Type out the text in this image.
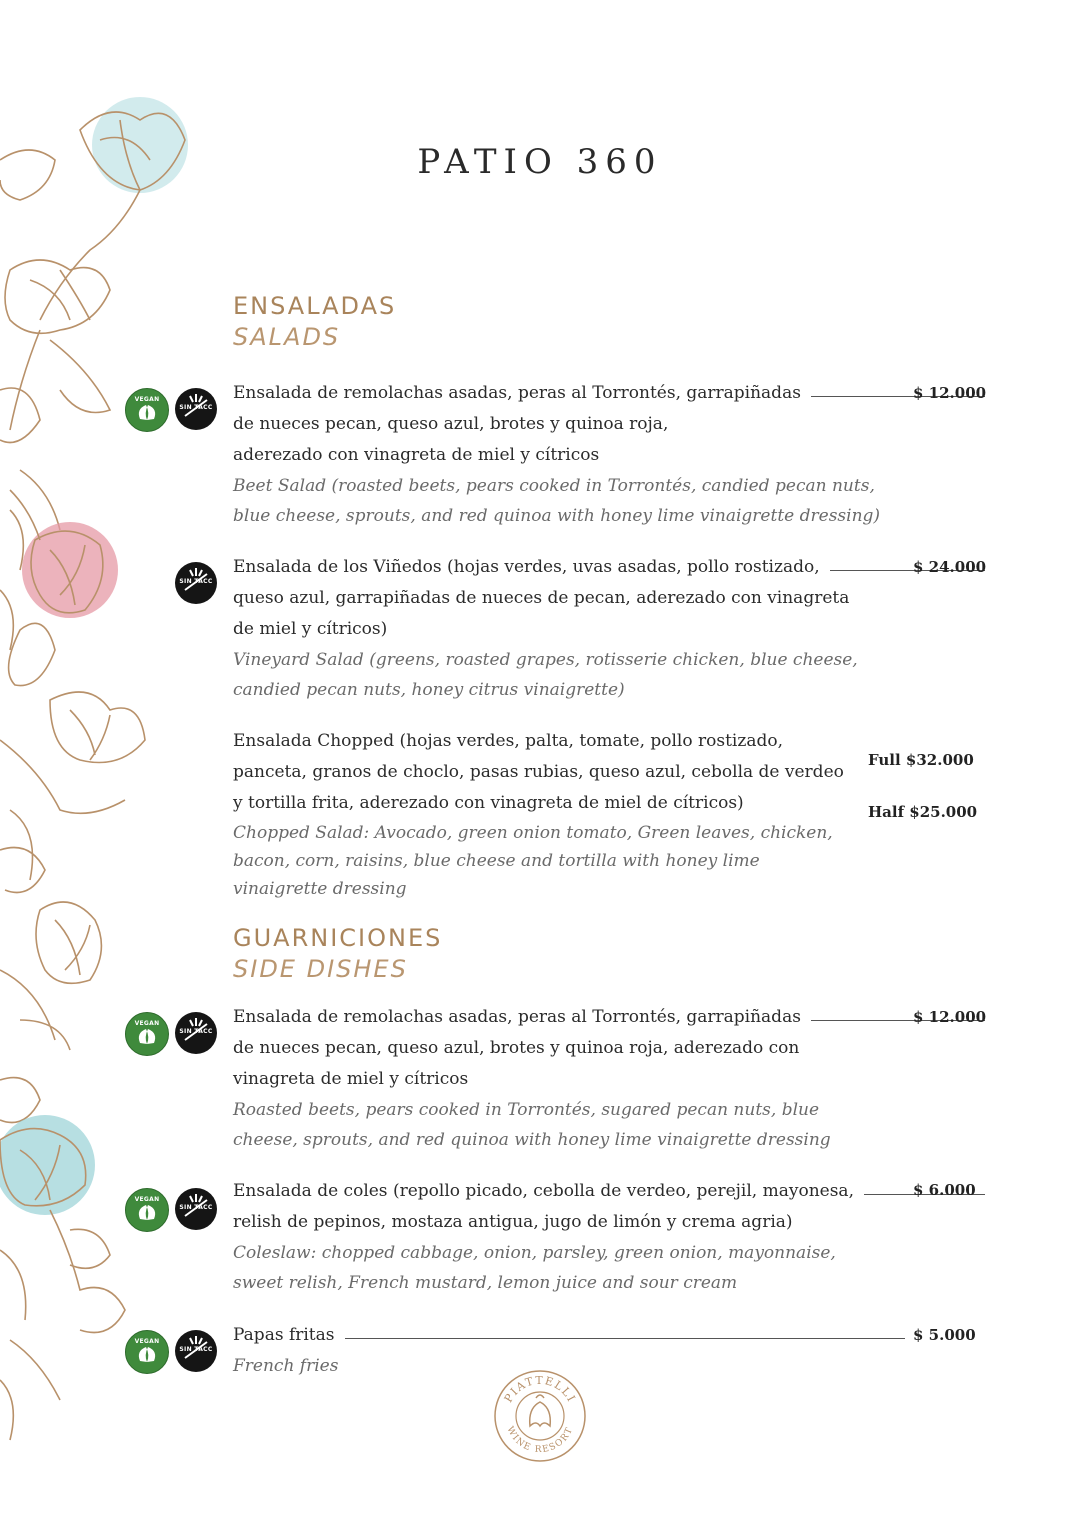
PATIO 360
ENSALADAS
SALADS
VEGAN
SIN TACC
Ensalada de remolachas asadas, peras al Torrontés, garrapiñadas
de nueces pecan, queso azul, brotes y quinoa roja,
aderezado con vinagreta de miel y cítricos
Beet Salad (roasted beets, pears cooked in Torrontés, candied pecan nuts,
blue cheese, sprouts, and red quinoa with honey lime vinaigrette dressing)
$ 12.000
SIN TACC
Ensalada de los Viñedos (hojas verdes, uvas asadas, pollo rostizado,
queso azul, garrapiñadas de nueces de pecan, aderezado con vinagreta
de miel y cítricos)
Vineyard Salad (greens, roasted grapes, rotisserie chicken, blue cheese,
candied pecan nuts, honey citrus vinaigrette)
$ 24.000
Ensalada Chopped (hojas verdes, palta, tomate, pollo rostizado,
panceta, granos de choclo, pasas rubias, queso azul, cebolla de verdeo
y tortilla frita, aderezado con vinagreta de miel de cítricos)
Chopped Salad: Avocado, green onion tomato, Green leaves, chicken,
bacon, corn, raisins, blue cheese and tortilla with honey lime
vinaigrette dressing
Full $32.000
Half $25.000
GUARNICIONES
SIDE DISHES
VEGAN
SIN TACC
Ensalada de remolachas asadas, peras al Torrontés, garrapiñadas
de nueces pecan, queso azul, brotes y quinoa roja, aderezado con
vinagreta de miel y cítricos
Roasted beets, pears cooked in Torrontés, sugared pecan nuts, blue
cheese, sprouts, and red quinoa with honey lime vinaigrette dressing
$ 12.000
VEGAN
SIN TACC
Ensalada de coles (repollo picado, cebolla de verdeo, perejil, mayonesa,
relish de pepinos, mostaza antigua, jugo de limón y crema agria)
Coleslaw: chopped cabbage, onion, parsley, green onion, mayonnaise,
sweet relish, French mustard, lemon juice and sour cream
$ 6.000
VEGAN
SIN TACC
Papas fritas
French fries
$ 5.000
PIATTELLI
WINE RESORT
